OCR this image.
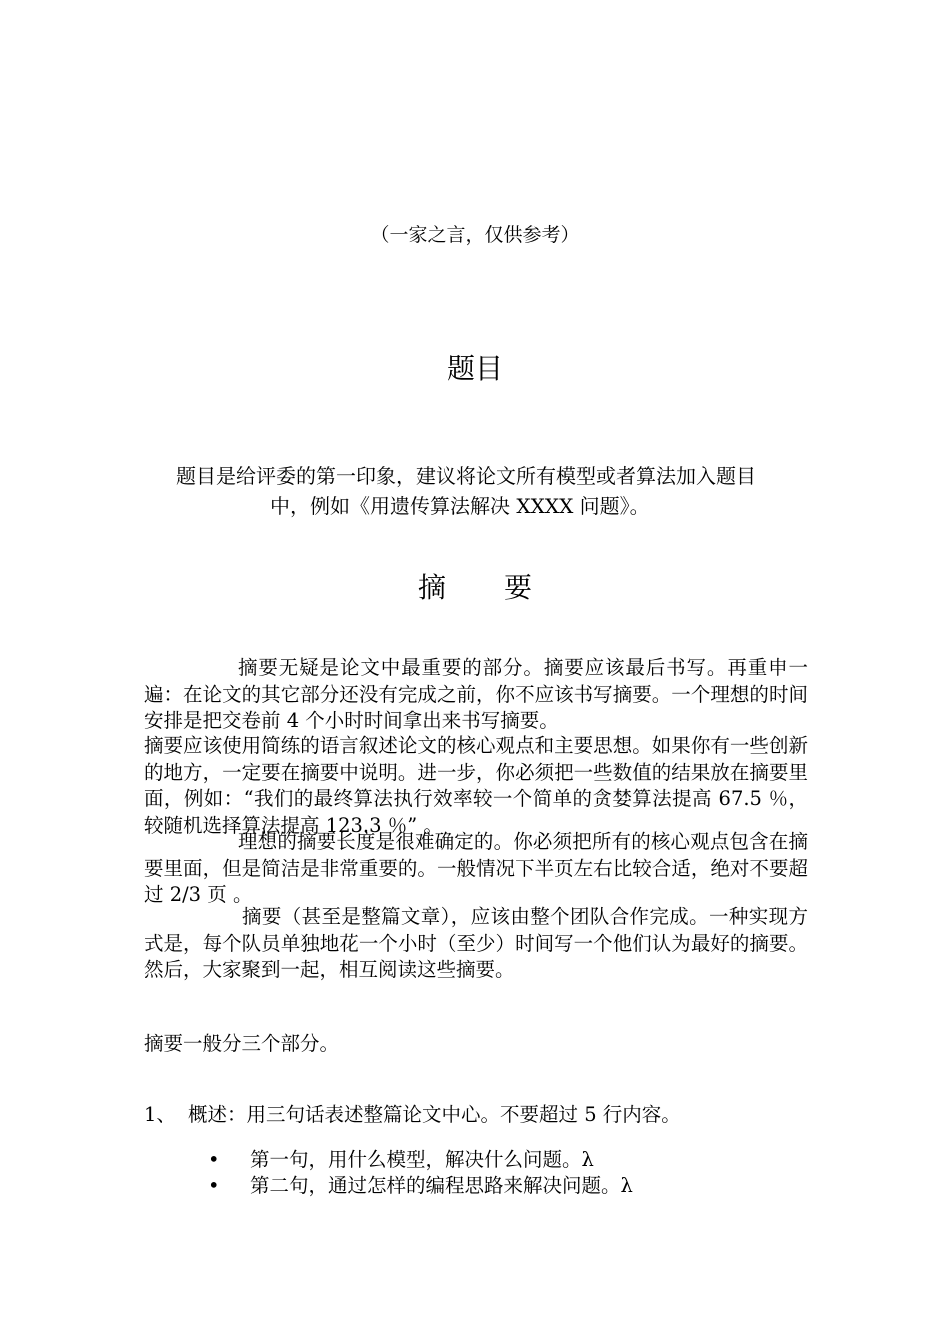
（一家之言，仅供参考）
题目
题目是给评委的第一印象，建议将论文所有模型或者算法加入题目
中，例如《用遗传算法解决 XXXX 问题》。
摘 要
摘要无疑是论文中最重要的部分。摘要应该最后书写。再重申一遍：在论文的其它部分还没有完成之前，你不应该书写摘要。一个理想的时间安排是把交卷前 4 个小时时间拿出来书写摘要。
摘要应该使用简练的语言叙述论文的核心观点和主要思想。如果你有一些创新的地方，一定要在摘要中说明。进一步，你必须把一些数值的结果放在摘要里面，例如：“我们的最终算法执行效率较一个简单的贪婪算法提高 67.5 ％，较随机选择算法提高 123.3 ％” 。
理想的摘要长度是很难确定的。你必须把所有的核心观点包含在摘要里面，但是简洁是非常重要的。一般情况下半页左右比较合适，绝对不要超过 2/3 页 。
摘要（甚至是整篇文章），应该由整个团队合作完成。一种实现方式是，每个队员单独地花一个小时（至少）时间写一个他们认为最好的摘要。然后，大家聚到一起，相互阅读这些摘要。
摘要一般分三个部分。
1、 概述：用三句话表述整篇论文中心。不要超过 5 行内容。
• 第一句，用什么模型，解决什么问题。λ
• 第二句，通过怎样的编程思路来解决问题。λ
